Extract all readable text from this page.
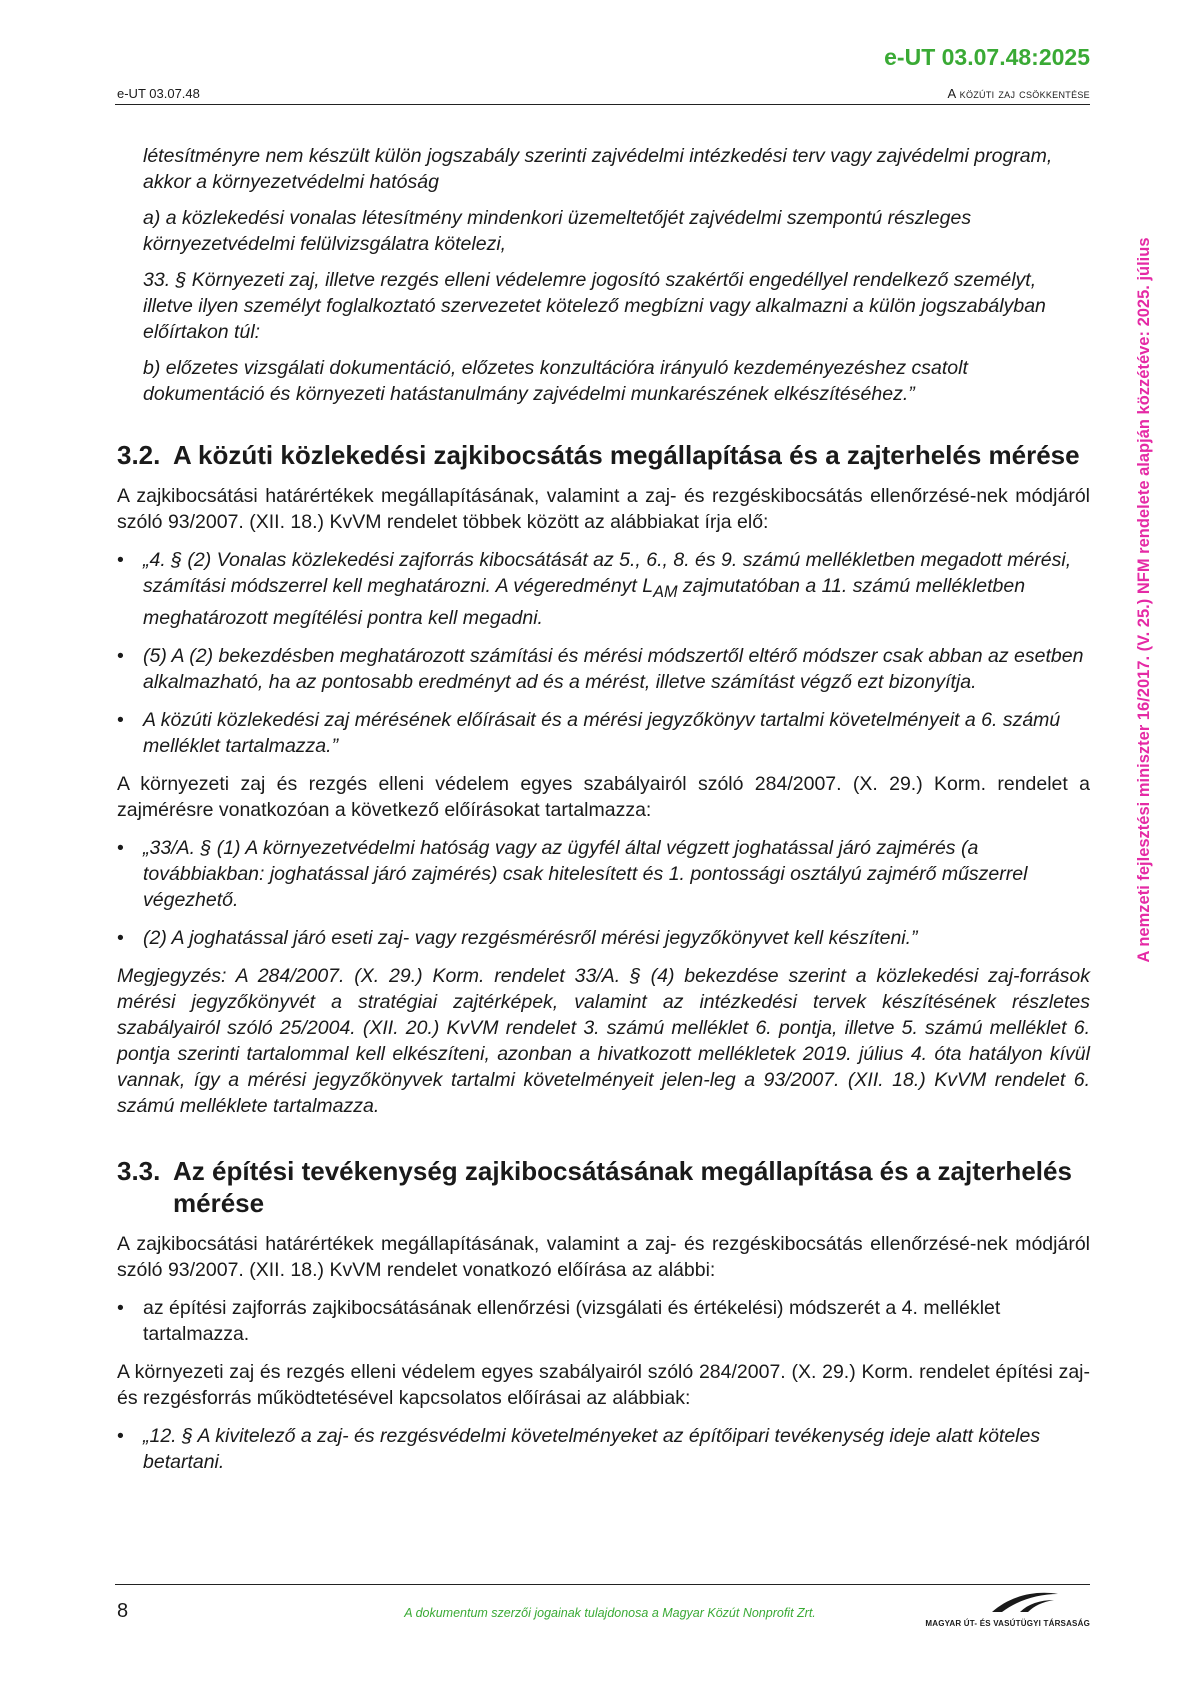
e-UT 03.07.48:2025
e-UT 03.07.48	A közúti zaj csökkentése
A nemzeti fejlesztési miniszter 16/2017. (V. 25.) NFM rendelete alapján közzétéve: 2025. július

létesítményre nem készült külön jogszabály szerinti zajvédelmi intézkedési terv vagy zajvédelmi program, akkor a környezetvédelmi hatóság

a) a közlekedési vonalas létesítmény mindenkori üzemeltetőjét zajvédelmi szempontú részleges környezetvédelmi felülvizsgálatra kötelezi,

33. § Környezeti zaj, illetve rezgés elleni védelemre jogosító szakértői engedéllyel rendelkező személyt, illetve ilyen személyt foglalkoztató szervezetet kötelező megbízni vagy alkalmazni a külön jogszabályban előírtakon túl:

b) előzetes vizsgálati dokumentáció, előzetes konzultációra irányuló kezdeményezéshez csatolt dokumentáció és környezeti hatástanulmány zajvédelmi munkarészének elkészítéséhez.”

3.2. A közúti közlekedési zajkibocsátás megállapítása és a zajterhelés mérése

A zajkibocsátási határértékek megállapításának, valamint a zaj- és rezgéskibocsátás ellenőrzésé-nek módjáról szóló 93/2007. (XII. 18.) KvVM rendelet többek között az alábbiakat írja elő:

• „4. § (2) Vonalas közlekedési zajforrás kibocsátását az 5., 6., 8. és 9. számú mellékletben megadott mérési, számítási módszerrel kell meghatározni. A végeredményt $L_{AM}$ zajmutatóban a 11. számú mellékletben meghatározott megítélési pontra kell megadni.
• (5) A (2) bekezdésben meghatározott számítási és mérési módszertől eltérő módszer csak abban az esetben alkalmazható, ha az pontosabb eredményt ad és a mérést, illetve számítást végző ezt bizonyítja.
• A közúti közlekedési zaj mérésének előírásait és a mérési jegyzőkönyv tartalmi követelményeit a 6. számú melléklet tartalmazza.”

A környezeti zaj és rezgés elleni védelem egyes szabályairól szóló 284/2007. (X. 29.) Korm. rendelet a zajmérésre vonatkozóan a következő előírásokat tartalmazza:

• „33/A. § (1) A környezetvédelmi hatóság vagy az ügyfél által végzett joghatással járó zajmérés (a továbbiakban: joghatással járó zajmérés) csak hitelesített és 1. pontossági osztályú zajmérő műszerrel végezhető.
• (2) A joghatással járó eseti zaj- vagy rezgésmérésről mérési jegyzőkönyvet kell készíteni.”

Megjegyzés: A 284/2007. (X. 29.) Korm. rendelet 33/A. § (4) bekezdése szerint a közlekedési zaj-források mérési jegyzőkönyvét a stratégiai zajtérképek, valamint az intézkedési tervek készítésének részletes szabályairól szóló 25/2004. (XII. 20.) KvVM rendelet 3. számú melléklet 6. pontja, illetve 5. számú melléklet 6. pontja szerinti tartalommal kell elkészíteni, azonban a hivatkozott mellékletek 2019. július 4. óta hatályon kívül vannak, így a mérési jegyzőkönyvek tartalmi követelményeit jelen-leg a 93/2007. (XII. 18.) KvVM rendelet 6. számú melléklete tartalmazza.

3.3. Az építési tevékenység zajkibocsátásának megállapítása és a zajterhelés mérése

A zajkibocsátási határértékek megállapításának, valamint a zaj- és rezgéskibocsátás ellenőrzésé-nek módjáról szóló 93/2007. (XII. 18.) KvVM rendelet vonatkozó előírása az alábbi:

• az építési zajforrás zajkibocsátásának ellenőrzési (vizsgálati és értékelési) módszerét a 4. melléklet tartalmazza.

A környezeti zaj és rezgés elleni védelem egyes szabályairól szóló 284/2007. (X. 29.) Korm. rendelet építési zaj- és rezgésforrás működtetésével kapcsolatos előírásai az alábbiak:

• „12. § A kivitelező a zaj- és rezgésvédelmi követelményeket az építőipari tevékenység ideje alatt köteles betartani.
8	A dokumentum szerzői jogainak tulajdonosa a Magyar Közút Nonprofit Zrt.
MAGYAR ÚT- ÉS VASÚTÜGYI TÁRSASÁG
